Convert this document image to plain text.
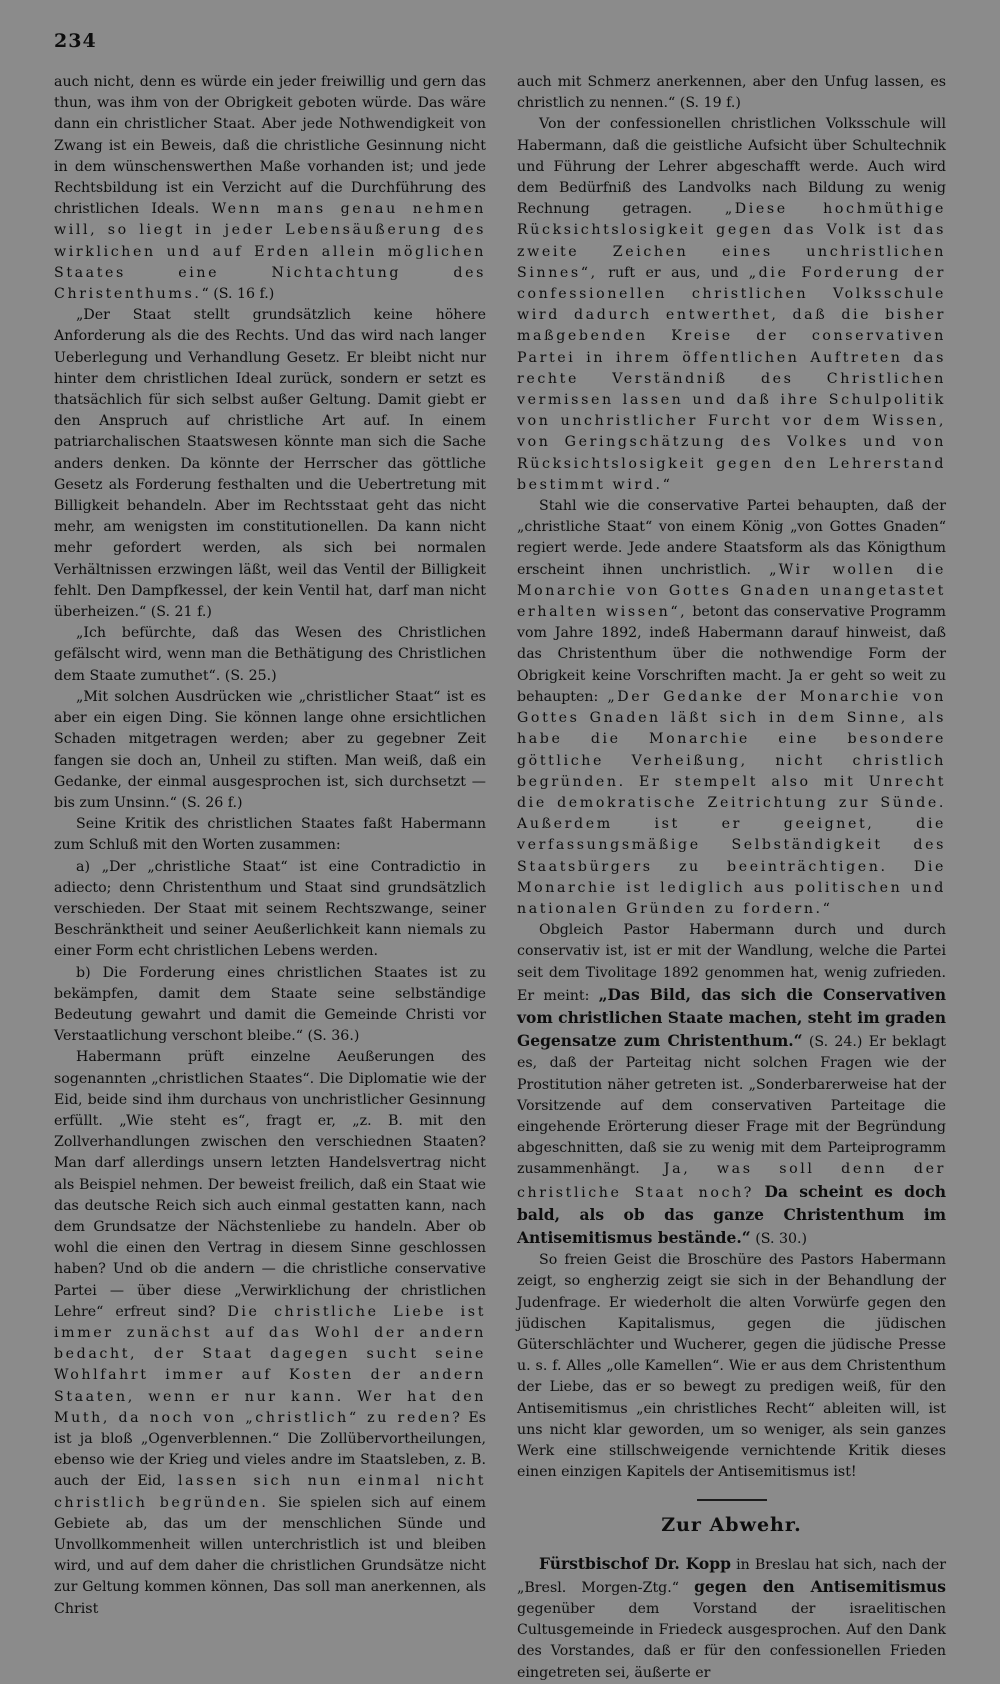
234

auch nicht, denn es würde ein jeder freiwillig und gern das thun, was ihm von der Obrigkeit geboten würde. Das wäre dann ein christlicher Staat. Aber jede Nothwendigkeit von Zwang ist ein Beweis, daß die christliche Gesinnung nicht in dem wünschenswerthen Maße vorhanden ist; und jede Rechtsbildung ist ein Verzicht auf die Durchführung des christlichen Ideals. Wenn mans genau nehmen will, so liegt in jeder Lebensäußerung des wirklichen und auf Erden allein möglichen Staates eine Nichtachtung des Christenthums.“ (S. 16 f.)

„Der Staat stellt grundsätzlich keine höhere Anforderung als die des Rechts. Und das wird nach langer Ueberlegung und Verhandlung Gesetz. Er bleibt nicht nur hinter dem christlichen Ideal zurück, sondern er setzt es thatsächlich für sich selbst außer Geltung. Damit giebt er den Anspruch auf christliche Art auf. In einem patriarchalischen Staatswesen könnte man sich die Sache anders denken. Da könnte der Herrscher das göttliche Gesetz als Forderung festhalten und die Uebertretung mit Billigkeit behandeln. Aber im Rechtsstaat geht das nicht mehr, am wenigsten im constitutionellen. Da kann nicht mehr gefordert werden, als sich bei normalen Verhältnissen erzwingen läßt, weil das Ventil der Billigkeit fehlt. Den Dampfkessel, der kein Ventil hat, darf man nicht überheizen.“ (S. 21 f.)

„Ich befürchte, daß das Wesen des Christlichen gefälscht wird, wenn man die Bethätigung des Christlichen dem Staate zumuthet“. (S. 25.)

„Mit solchen Ausdrücken wie „christlicher Staat“ ist es aber ein eigen Ding. Sie können lange ohne ersichtlichen Schaden mitgetragen werden; aber zu gegebner Zeit fangen sie doch an, Unheil zu stiften. Man weiß, daß ein Gedanke, der einmal ausgesprochen ist, sich durchsetzt — bis zum Unsinn.“ (S. 26 f.)

Seine Kritik des christlichen Staates faßt Habermann zum Schluß mit den Worten zusammen:

a) „Der „christliche Staat“ ist eine Contradictio in adiecto; denn Christenthum und Staat sind grundsätzlich verschieden. Der Staat mit seinem Rechtszwange, seiner Beschränktheit und seiner Aeußerlichkeit kann niemals zu einer Form echt christlichen Lebens werden.

b) Die Forderung eines christlichen Staates ist zu bekämpfen, damit dem Staate seine selbständige Bedeutung gewahrt und damit die Gemeinde Christi vor Verstaatlichung verschont bleibe.“ (S. 36.)

Habermann prüft einzelne Aeußerungen des sogenannten „christlichen Staates“. Die Diplomatie wie der Eid, beide sind ihm durchaus von unchristlicher Gesinnung erfüllt. „Wie steht es“, fragt er, „z. B. mit den Zollverhandlungen zwischen den verschiednen Staaten? Man darf allerdings unsern letzten Handelsvertrag nicht als Beispiel nehmen. Der beweist freilich, daß ein Staat wie das deutsche Reich sich auch einmal gestatten kann, nach dem Grundsatze der Nächstenliebe zu handeln. Aber ob wohl die einen den Vertrag in diesem Sinne geschlossen haben? Und ob die andern — die christliche conservative Partei — über diese „Verwirklichung der christlichen Lehre“ erfreut sind? Die christliche Liebe ist immer zunächst auf das Wohl der andern bedacht, der Staat dagegen sucht seine Wohlfahrt immer auf Kosten der andern Staaten, wenn er nur kann. Wer hat den Muth, da noch von „christlich“ zu reden? Es ist ja bloß „Ogenverblennen.“ Die Zollübervortheilungen, ebenso wie der Krieg und vieles andre im Staatsleben, z. B. auch der Eid, lassen sich nun einmal nicht christlich begründen. Sie spielen sich auf einem Gebiete ab, das um der menschlichen Sünde und Unvollkommenheit willen unterchristlich ist und bleiben wird, und auf dem daher die christlichen Grundsätze nicht zur Geltung kommen können, Das soll man anerkennen, als Christ

auch mit Schmerz anerkennen, aber den Unfug lassen, es christlich zu nennen.“ (S. 19 f.)

Von der confessionellen christlichen Volksschule will Habermann, daß die geistliche Aufsicht über Schultechnik und Führung der Lehrer abgeschafft werde. Auch wird dem Bedürfniß des Landvolks nach Bildung zu wenig Rechnung getragen. „Diese hochmüthige Rücksichtslosigkeit gegen das Volk ist das zweite Zeichen eines unchristlichen Sinnes“, ruft er aus, und „die Forderung der confessionellen christlichen Volksschule wird dadurch entwerthet, daß die bisher maßgebenden Kreise der conservativen Partei in ihrem öffentlichen Auftreten das rechte Verständniß des Christlichen vermissen lassen und daß ihre Schulpolitik von unchristlicher Furcht vor dem Wissen, von Geringschätzung des Volkes und von Rücksichtslosigkeit gegen den Lehrerstand bestimmt wird.“

Stahl wie die conservative Partei behaupten, daß der „christliche Staat“ von einem König „von Gottes Gnaden“ regiert werde. Jede andere Staatsform als das Königthum erscheint ihnen unchristlich. „Wir wollen die Monarchie von Gottes Gnaden unangetastet erhalten wissen“, betont das conservative Programm vom Jahre 1892, indeß Habermann darauf hinweist, daß das Christenthum über die nothwendige Form der Obrigkeit keine Vorschriften macht. Ja er geht so weit zu behaupten: „Der Gedanke der Monarchie von Gottes Gnaden läßt sich in dem Sinne, als habe die Monarchie eine besondere göttliche Verheißung, nicht christlich begründen. Er stempelt also mit Unrecht die demokratische Zeitrichtung zur Sünde. Außerdem ist er geeignet, die verfassungsmäßige Selbständigkeit des Staatsbürgers zu beeinträchtigen. Die Monarchie ist lediglich aus politischen und nationalen Gründen zu fordern.“

Obgleich Pastor Habermann durch und durch conservativ ist, ist er mit der Wandlung, welche die Partei seit dem Tivolitage 1892 genommen hat, wenig zufrieden. Er meint: „Das Bild, das sich die Conservativen vom christlichen Staate machen, steht im graden Gegensatze zum Christenthum.“ (S. 24.) Er beklagt es, daß der Parteitag nicht solchen Fragen wie der Prostitution näher getreten ist. „Sonderbarerweise hat der Vorsitzende auf dem conservativen Parteitage die eingehende Erörterung dieser Frage mit der Begründung abgeschnitten, daß sie zu wenig mit dem Parteiprogramm zusammenhängt. Ja, was soll denn der christliche Staat noch? Da scheint es doch bald, als ob das ganze Christenthum im Antisemitismus bestände.“ (S. 30.)

So freien Geist die Broschüre des Pastors Habermann zeigt, so engherzig zeigt sie sich in der Behandlung der Judenfrage. Er wiederholt die alten Vorwürfe gegen den jüdischen Kapitalismus, gegen die jüdischen Güterschlächter und Wucherer, gegen die jüdische Presse u. s. f. Alles „olle Kamellen“. Wie er aus dem Christenthum der Liebe, das er so bewegt zu predigen weiß, für den Antisemitismus „ein christliches Recht“ ableiten will, ist uns nicht klar geworden, um so weniger, als sein ganzes Werk eine stillschweigende vernichtende Kritik dieses einen einzigen Kapitels der Antisemitismus ist!

Zur Abwehr.

Fürstbischof Dr. Kopp in Breslau hat sich, nach der „Bresl. Morgen-Ztg.“ gegen den Antisemitismus gegenüber dem Vorstand der israelitischen Cultusgemeinde in Friedeck ausgesprochen. Auf den Dank des Vorstandes, daß er für den confessionellen Frieden eingetreten sei, äußerte er
